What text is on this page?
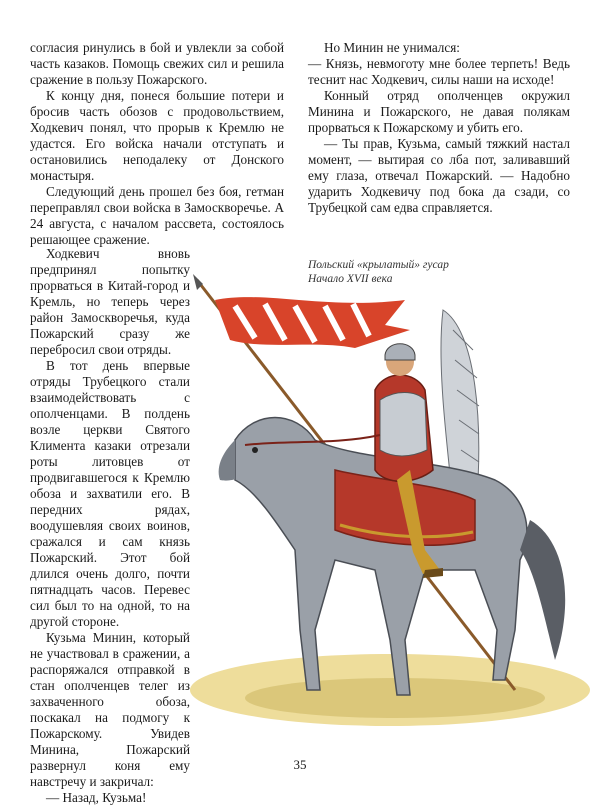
согласия ринулись в бой и увлекли за собой часть казаков. Помощь свежих сил и решила сражение в пользу Пожарского.

К концу дня, понеся большие потери и бросив часть обозов с продовольствием, Ходкевич понял, что прорыв к Кремлю не удастся. Его войска начали отступать и остановились неподалеку от Донского монастыря.

Следующий день прошел без боя, гетман переправлял свои войска в Замоскворечье. А 24 августа, с началом рассвета, состоялось решающее сражение.

Ходкевич вновь предпринял попытку прорваться в Китай-город и Кремль, но теперь через район Замоскворечья, куда Пожарский сразу же перебросил свои отряды.

В тот день впервые отряды Трубецкого стали взаимодействовать с ополченцами. В полдень возле церкви Святого Климента казаки отрезали роты литовцев от продвигавшегося к Кремлю обоза и захватили его. В передних рядах, воодушевляя своих воинов, сражался и сам князь Пожарский. Этот бой длился очень долго, почти пятнадцать часов. Перевес сил был то на одной, то на другой стороне.

Кузьма Минин, который не участвовал в сражении, а распоряжался отправкой в стан ополченцев телег из захваченного обоза, поскакал на подмогу к Пожарскому. Увидев Минина, Пожарский развернул коня ему навстречу и закричал:

— Назад, Кузьма!

Но Минин не унимался:

— Князь, невмоготу мне более терпеть! Ведь теснит нас Ходкевич, силы наши на исходе!

Конный отряд ополченцев окружил Минина и Пожарского, не давая полякам прорваться к Пожарскому и убить его.

— Ты прав, Кузьма, самый тяжкий настал момент, — вытирая со лба пот, заливавший ему глаза, отвечал Пожарский. — Надобно ударить Ходкевичу под бока да сзади, со Трубецкой сам едва справляется.

Польский «крылатый» гусар
Начало XVII века
35
